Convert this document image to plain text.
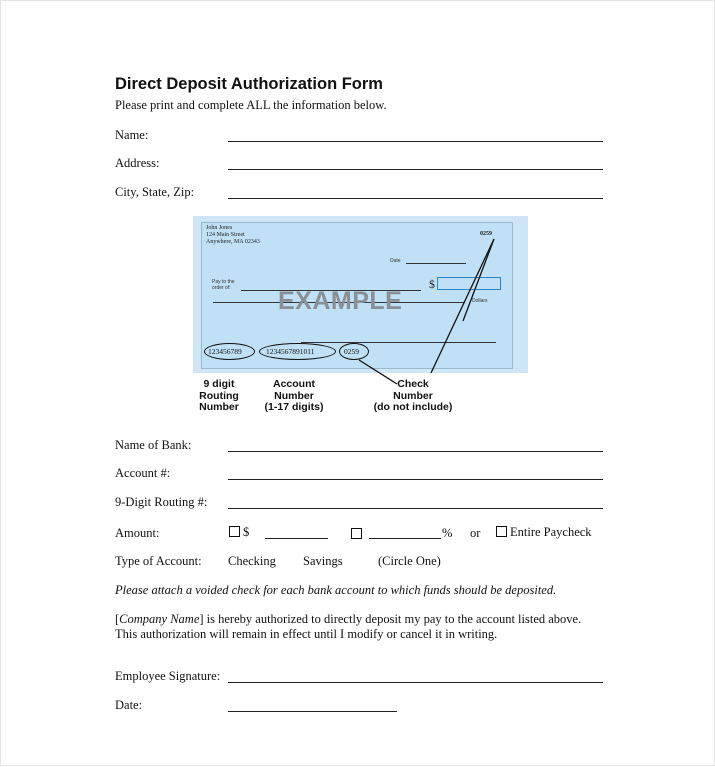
Direct Deposit Authorization Form
Please print and complete ALL the information below.
Name:
Address:
City, State, Zip:
John Jones
124 Main Street
Anywhere, MA 02343
0259
Date
Pay to the
order of:	$
Dollars
EXAMPLE
123456789	1234567891011	0259
9 digit
Routing
Number
Account
Number
(1-17 digits)
Check
Number
(do not include)
Name of Bank:
Account #:
9-Digit Routing #:
Amount:	$	% or	Entire Paycheck
Type of Account: Checking Savings	(Circle One)
Please attach a voided check for each bank account to which funds should be deposited.
[Company Name] is hereby authorized to directly deposit my pay to the account listed above.
This authorization will remain in effect until I modify or cancel it in writing.
Employee Signature:
Date:
